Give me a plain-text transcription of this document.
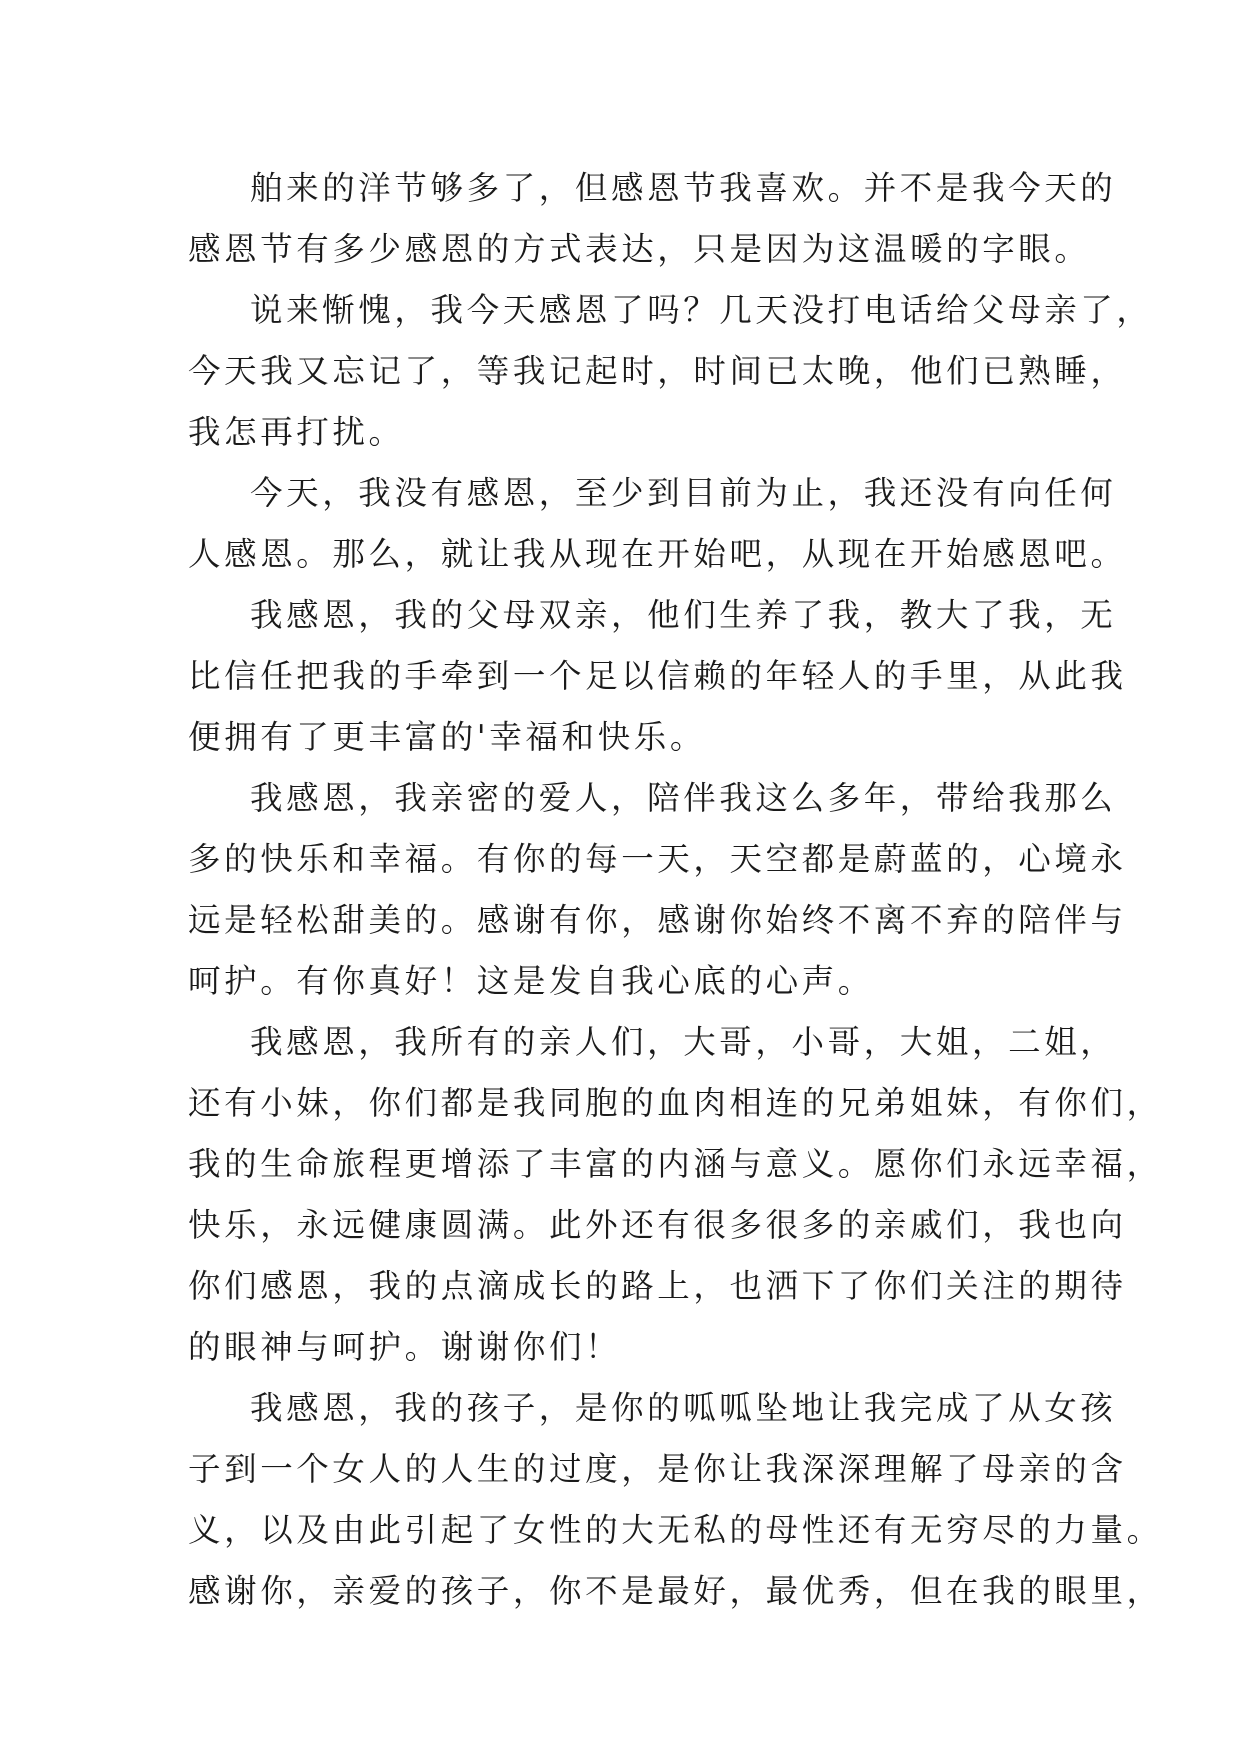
舶来的洋节够多了，但感恩节我喜欢。并不是我今天的
感恩节有多少感恩的方式表达，只是因为这温暖的字眼。

说来惭愧，我今天感恩了吗？几天没打电话给父母亲了，
今天我又忘记了，等我记起时，时间已太晚，他们已熟睡，
我怎再打扰。

今天，我没有感恩，至少到目前为止，我还没有向任何
人感恩。那么，就让我从现在开始吧，从现在开始感恩吧。

我感恩，我的父母双亲，他们生养了我，教大了我，无
比信任把我的手牵到一个足以信赖的年轻人的手里，从此我
便拥有了更丰富的'幸福和快乐。

我感恩，我亲密的爱人，陪伴我这么多年，带给我那么
多的快乐和幸福。有你的每一天，天空都是蔚蓝的，心境永
远是轻松甜美的。感谢有你，感谢你始终不离不弃的陪伴与
呵护。有你真好！这是发自我心底的心声。

我感恩，我所有的亲人们，大哥，小哥，大姐，二姐，
还有小妹，你们都是我同胞的血肉相连的兄弟姐妹，有你们，
我的生命旅程更增添了丰富的内涵与意义。愿你们永远幸福，
快乐，永远健康圆满。此外还有很多很多的亲戚们，我也向
你们感恩，我的点滴成长的路上，也洒下了你们关注的期待
的眼神与呵护。谢谢你们！

我感恩，我的孩子，是你的呱呱坠地让我完成了从女孩
子到一个女人的人生的过度，是你让我深深理解了母亲的含
义，以及由此引起了女性的大无私的母性还有无穷尽的力量。
感谢你，亲爱的孩子，你不是最好，最优秀，但在我的眼里，
